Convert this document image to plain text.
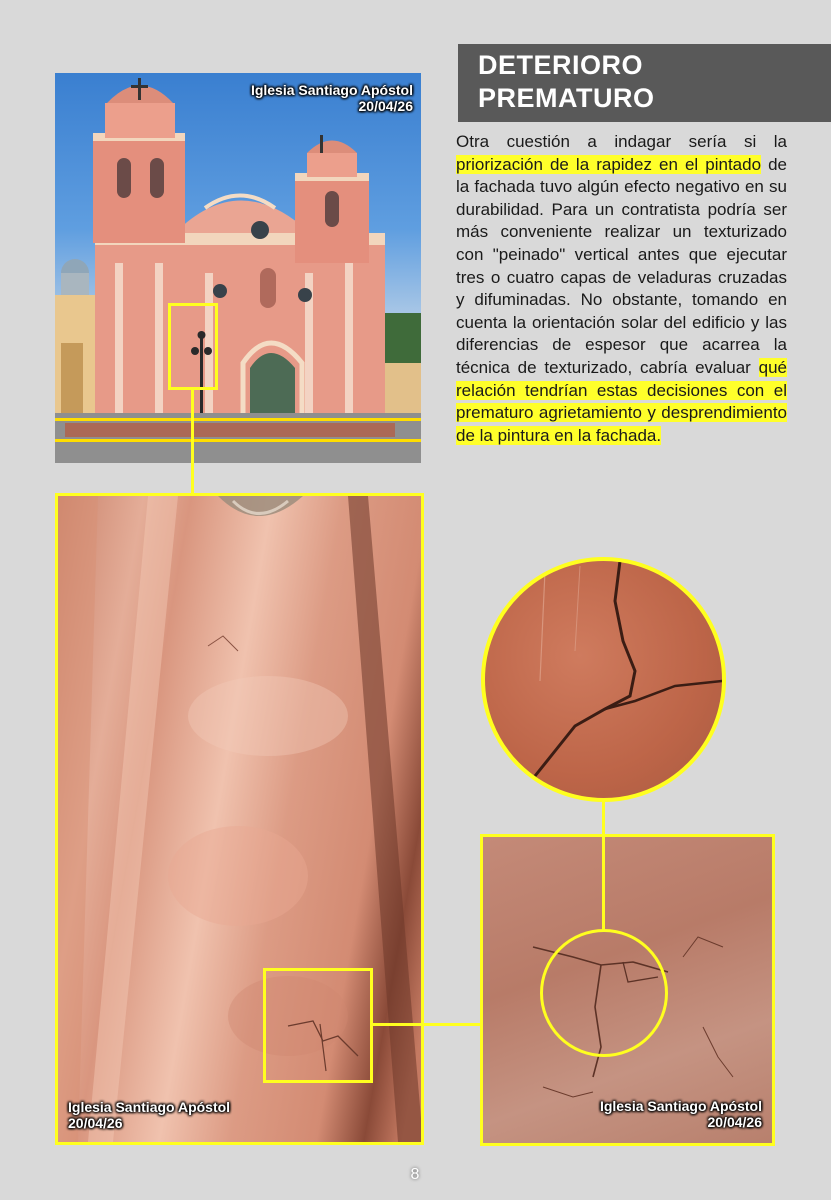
DETERIORO
PREMATURO
Otra cuestión a indagar sería si la priorización de la rapidez en el pintado de la fachada tuvo algún efecto negativo en su durabilidad. Para un contratista podría ser más conveniente realizar un texturizado con "peinado" vertical antes que ejecutar tres o cuatro capas de veladuras cruzadas y difuminadas. No obstante, tomando en cuenta la orientación solar del edificio y las diferencias de espesor que acarrea la técnica de texturizado, cabría evaluar qué relación tendrían estas decisiones con el prematuro agrietamiento y desprendimiento de la pintura en la fachada.
Iglesia Santiago Apóstol
20/04/26
Iglesia Santiago Apóstol
20/04/26
Iglesia Santiago Apóstol
20/04/26
8
